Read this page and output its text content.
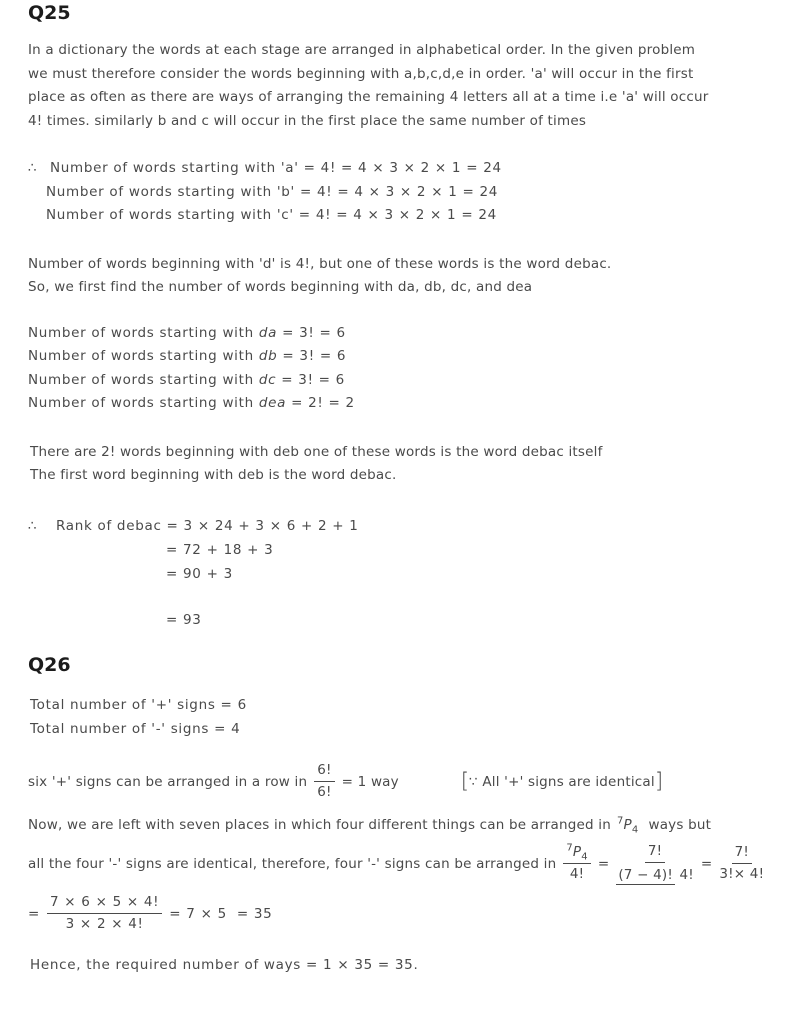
Q25
In a dictionary the words at each stage are arranged in alphabetical order. In the given problem
we must therefore consider the words beginning with a,b,c,d,e in order. 'a' will occur in the first
place as often as there are ways of arranging the remaining 4 letters all at a time i.e 'a' will occur
4! times. similarly b and c will occur in the first place the same number of times
∴ Number of words starting with 'a' = 4! = 4 × 3 × 2 × 1 = 24
Number of words starting with 'b' = 4! = 4 × 3 × 2 × 1 = 24
Number of words starting with 'c' = 4! = 4 × 3 × 2 × 1 = 24
Number of words beginning with 'd' is 4!, but one of these words is the word debac.
So, we first find the number of words beginning with da, db, dc, and dea
Number of words starting with da = 3! = 6
Number of words starting with db = 3! = 6
Number of words starting with dc = 3! = 6
Number of words starting with dea = 2! = 2
There are 2! words beginning with deb one of these words is the word debac itself
The first word beginning with deb is the word debac.
∴ Rank of debac = 3 × 24 + 3 × 6 + 2 + 1
= 72 + 18 + 3
= 90 + 3
= 93
Q26
Total number of '+' signs = 6
Total number of '-' signs = 4
six '+' signs can be arranged in a row in $\frac{6!}{6!} = 1$ way	[ ∵ All '+' signs are identical ]
Now, we are left with seven places in which four different things can be arranged in $^7P_4$ ways but
all the four '-' signs are identical, therefore, four '-' signs can be arranged in $\frac{^7P_4}{4!} = \frac{7!}{(7 - 4)! 4!} = \frac{7!}{3!\times 4!}$
= $\frac{7 \times 6 \times 5 \times 4!}{3 \times 2 \times 4!} = 7 \times 5 = 35$
Hence, the required number of ways = 1 × 35 = 35.
